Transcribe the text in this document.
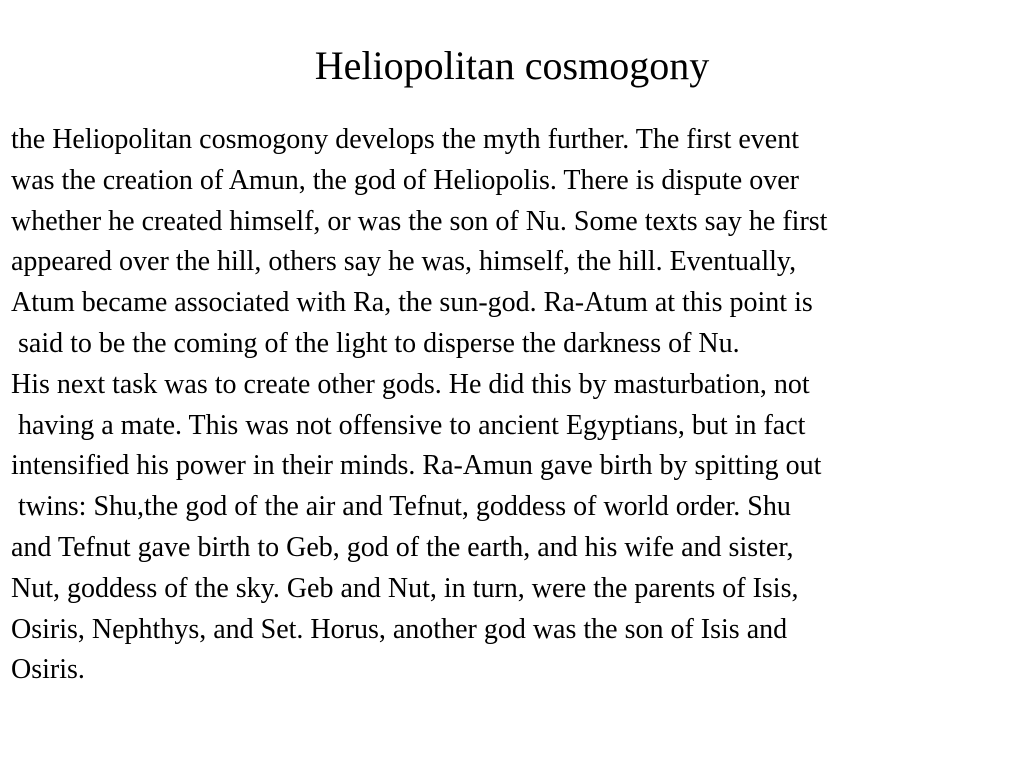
Heliopolitan cosmogony
the Heliopolitan cosmogony develops the myth further. The first event
was the creation of Amun, the god of Heliopolis. There is dispute over
whether he created himself, or was the son of Nu. Some texts say he first
appeared over the hill, others say he was, himself, the hill. Eventually,
Atum became associated with Ra, the sun-god. Ra-Atum at this point is
said to be the coming of the light to disperse the darkness of Nu.
His next task was to create other gods. He did this by masturbation, not
having a mate. This was not offensive to ancient Egyptians, but in fact
intensified his power in their minds. Ra-Amun gave birth by spitting out
twins: Shu,the god of the air and Tefnut, goddess of world order. Shu
and Tefnut gave birth to Geb, god of the earth, and his wife and sister,
Nut, goddess of the sky. Geb and Nut, in turn, were the parents of Isis,
Osiris, Nephthys, and Set. Horus, another god was the son of Isis and
Osiris.
